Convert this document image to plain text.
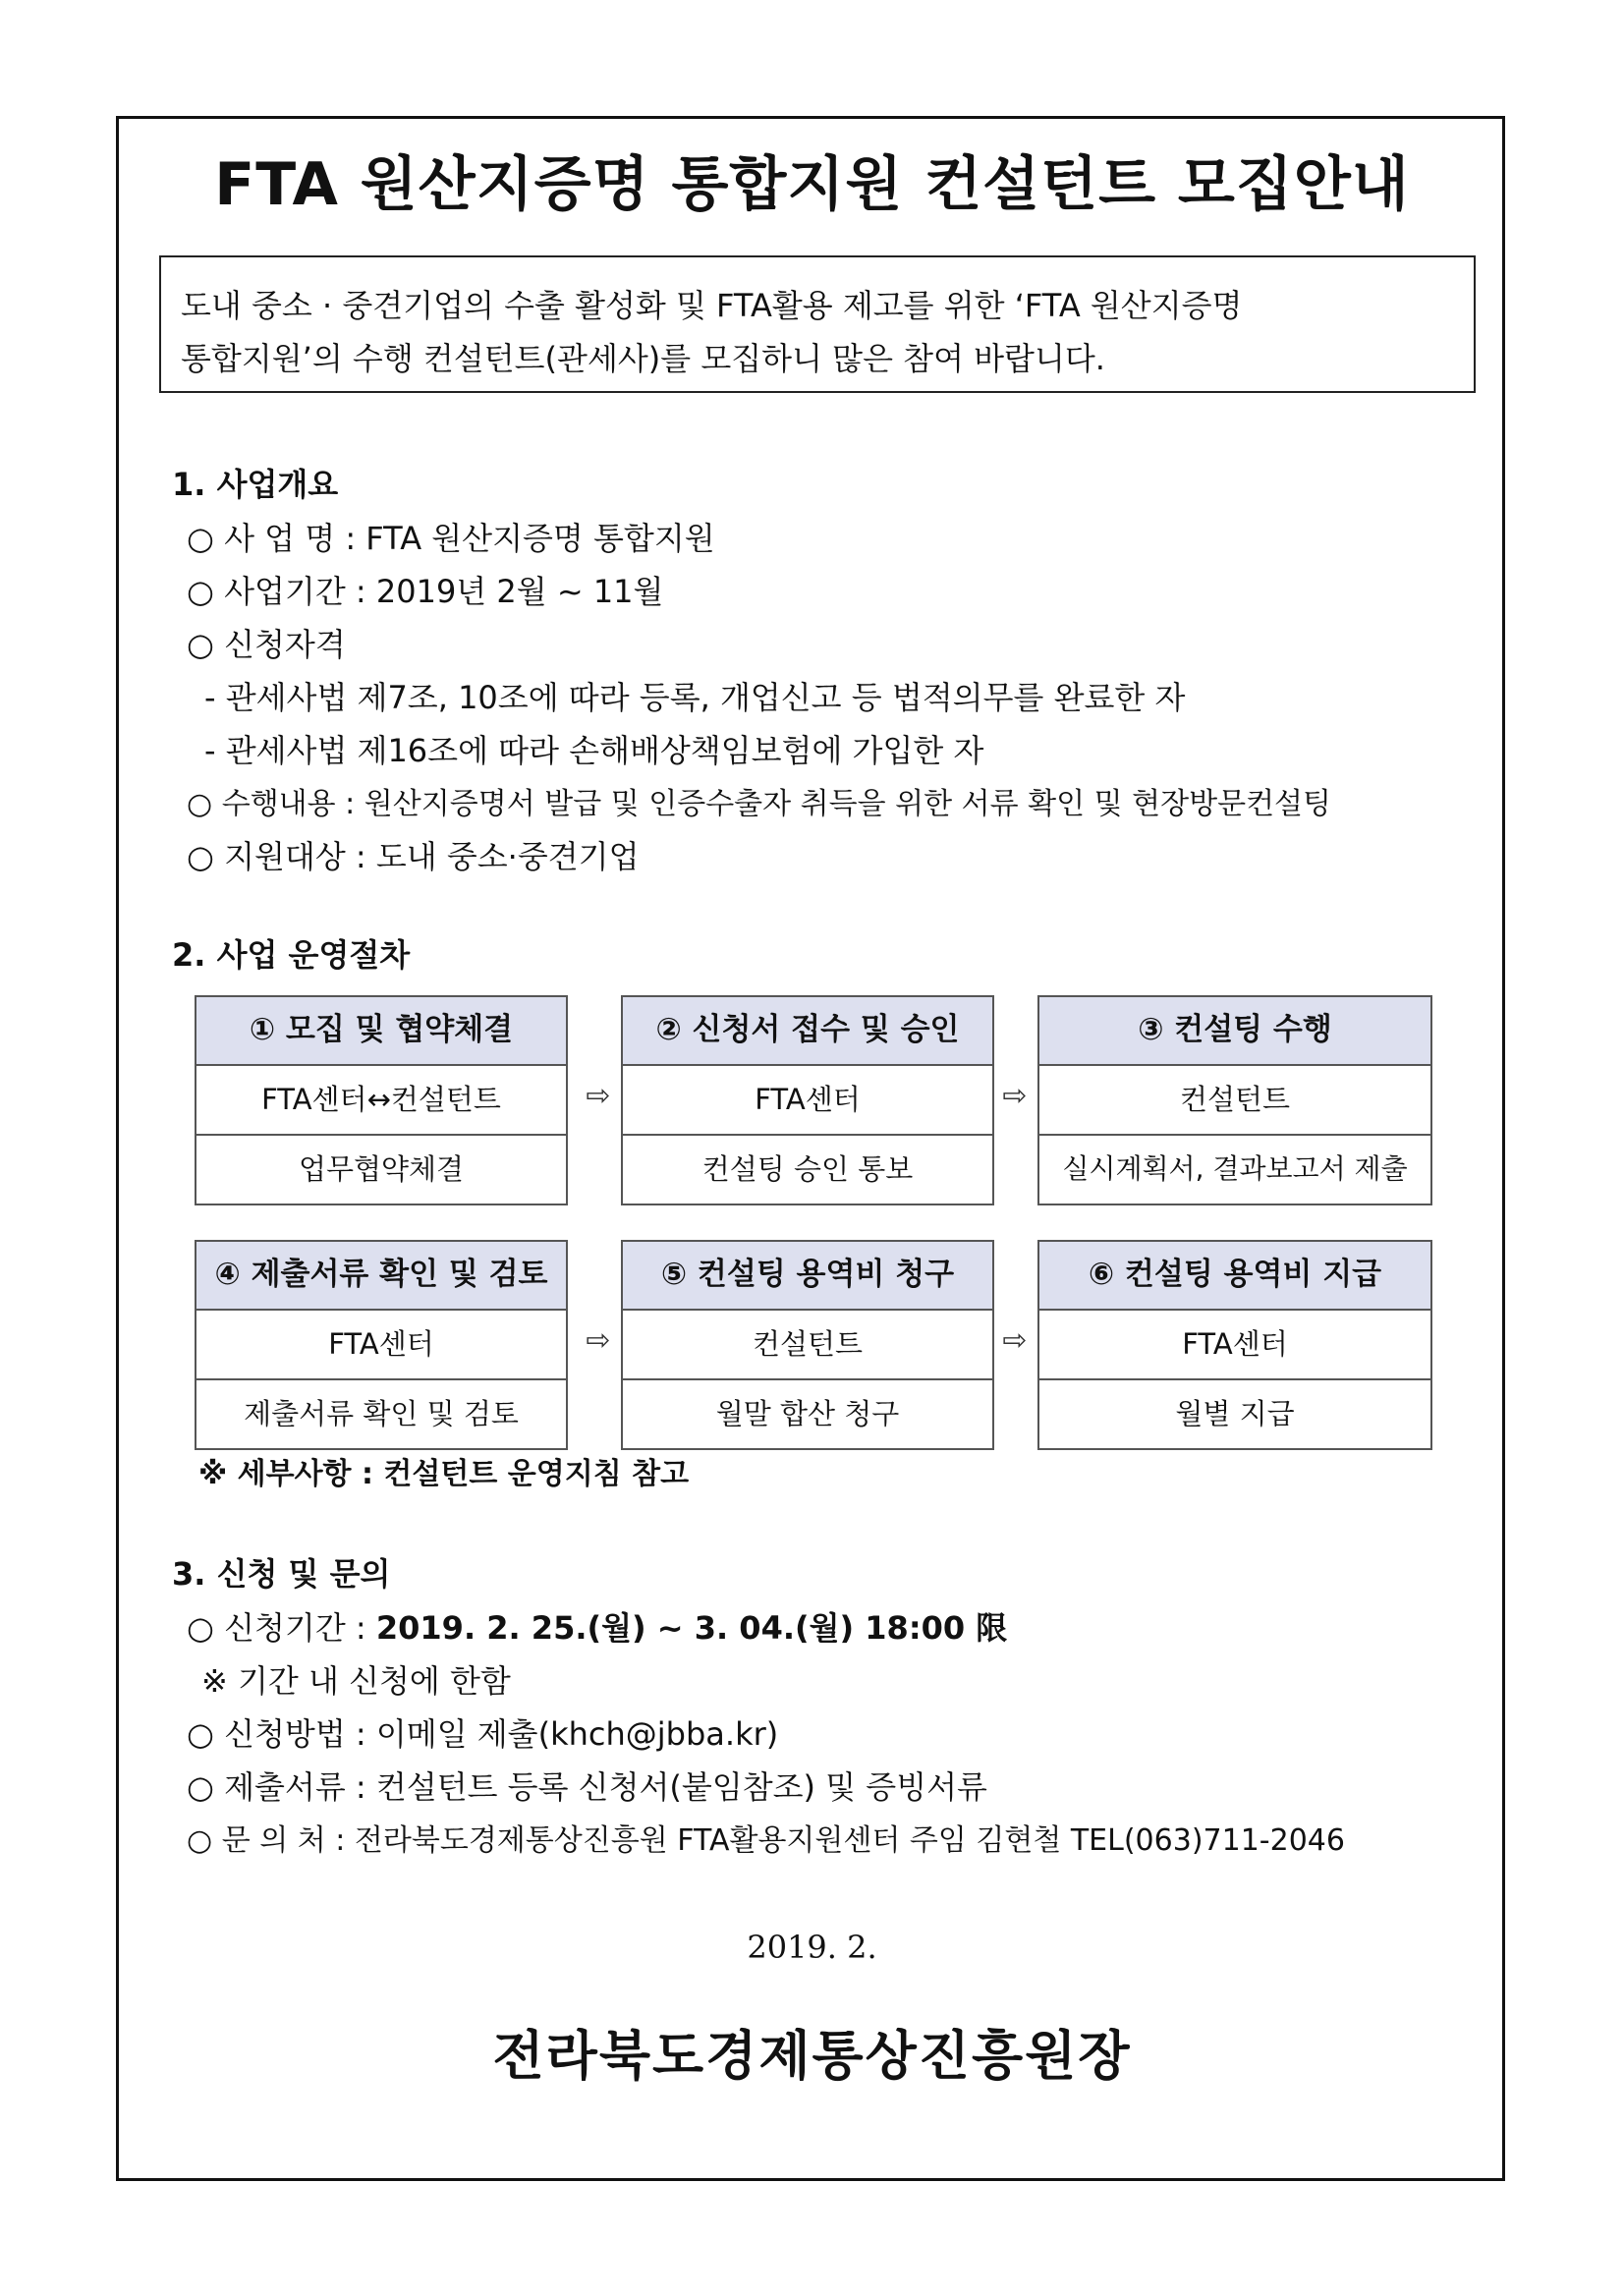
FTA 원산지증명 통합지원 컨설턴트 모집안내
도내 중소 · 중견기업의 수출 활성화 및 FTA활용 제고를 위한 ‘FTA 원산지증명
통합지원’의 수행 컨설턴트(관세사)를 모집하니 많은 참여 바랍니다.
1. 사업개요
○ 사 업 명 : FTA 원산지증명 통합지원
○ 사업기간 : 2019년 2월 ~ 11월
○ 신청자격
- 관세사법 제7조, 10조에 따라 등록, 개업신고 등 법적의무를 완료한 자
- 관세사법 제16조에 따라 손해배상책임보험에 가입한 자
○ 수행내용 : 원산지증명서 발급 및 인증수출자 취득을 위한 서류 확인 및 현장방문컨설팅
○ 지원대상 : 도내 중소·중견기업
2. 사업 운영절차
① 모집 및 협약체결
FTA센터↔컨설턴트
업무협약체결
⇨
② 신청서 접수 및 승인
FTA센터
컨설팅 승인 통보
⇨
③ 컨설팅 수행
컨설턴트
실시계획서, 결과보고서 제출
④ 제출서류 확인 및 검토
FTA센터
제출서류 확인 및 검토
⇨
⑤ 컨설팅 용역비 청구
컨설턴트
월말 합산 청구
⇨
⑥ 컨설팅 용역비 지급
FTA센터
월별 지급
※ 세부사항 : 컨설턴트 운영지침 참고
3. 신청 및 문의
○ 신청기간 : 2019. 2. 25.(월) ~ 3. 04.(월) 18:00 限
※ 기간 내 신청에 한함
○ 신청방법 : 이메일 제출(khch@jbba.kr)
○ 제출서류 : 컨설턴트 등록 신청서(붙임참조) 및 증빙서류
○ 문 의 처 : 전라북도경제통상진흥원 FTA활용지원센터 주임 김현철 TEL(063)711-2046
2019. 2.
전라북도경제통상진흥원장
